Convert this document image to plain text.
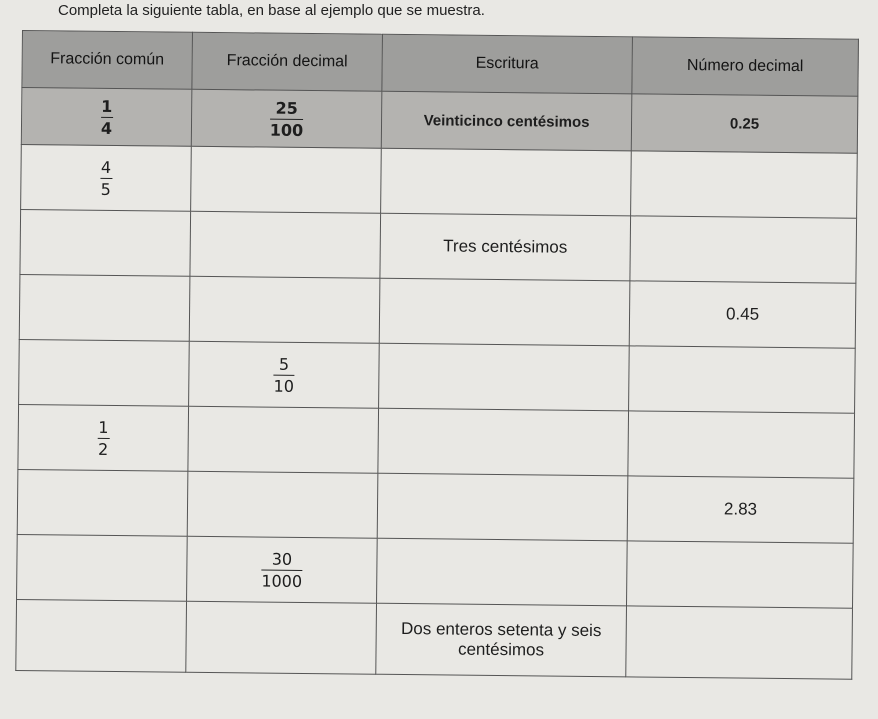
Completa la siguiente tabla, en base al ejemplo que se muestra.
Fracción común	Fracción decimal	Escritura	Número decimal

$\frac{1}{4}$	$\frac{25}{100}$	Veinticinco centésimos	0.25

$\frac{4}{5}$

		Tres centésimos	
			0.45

	$\frac{5}{10}$

$\frac{1}{2}$

			2.83

	$\frac{30}{1000}$

		Dos enteros setenta y seis centésimos	
